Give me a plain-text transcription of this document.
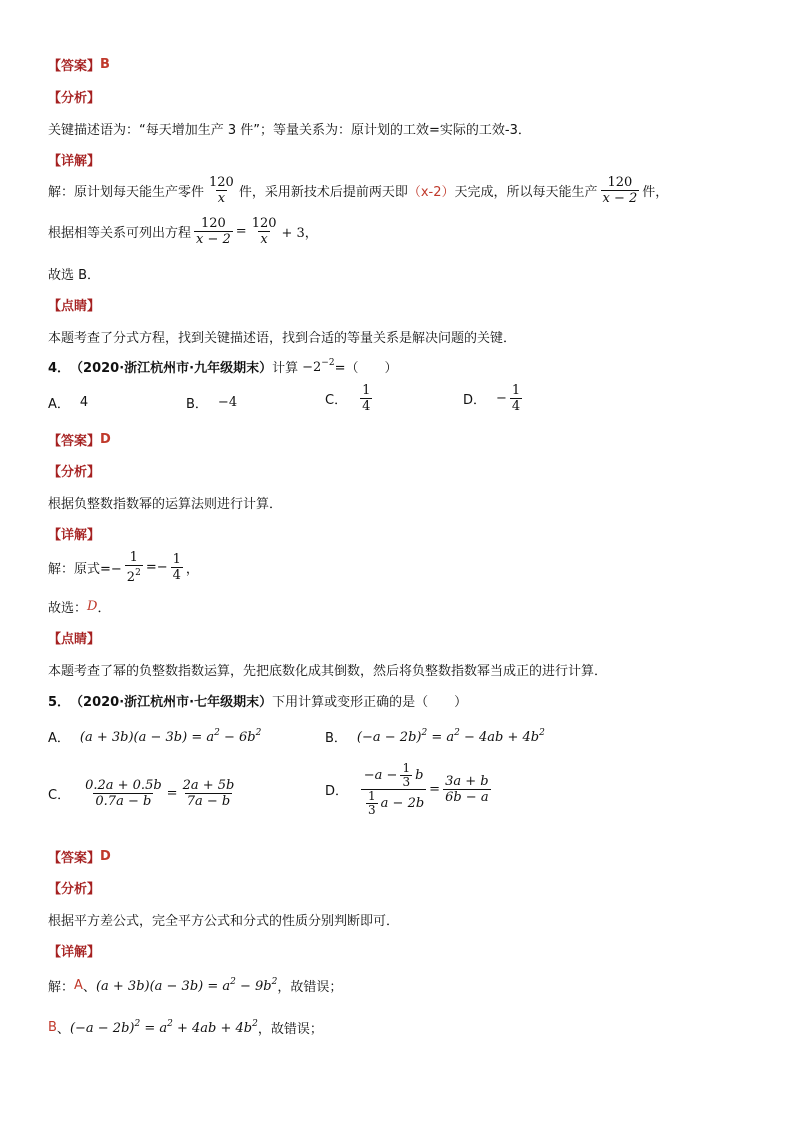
【答案】 B
【分析】
关键描述语为：“每天增加生产 3 件”；等量关系为：原计划的工效=实际的工效-3．
【详解】
解：原计划每天能生产零件 $\frac{120}{x}$ 件，采用新技术后提前两天即 （x-2） 天完成，所以每天能生产 $\frac{120}{x - 2}$ 件，
根据相等关系可列出方程 $\frac{120}{x - 2} = \frac{120}{x} + 3$，
故选 B．
【点睛】
本题考查了分式方程，找到关键描述语，找到合适的等量关系是解决问题的关键．
4． （2020·浙江杭州市·九年级期末） 计算 $-2^{-2}$ =（　　）
A． 4	B． −4	C． $\frac{1}{4}$	D． − $\frac{1}{4}$
【答案】 D
【分析】
根据负整数指数幂的运算法则进行计算．
【详解】
解：原式=− $\frac{1}{2^2} =- \frac{1}{4}$ ，
故选： D ．
【点睛】
本题考查了幂的负整数指数运算，先把底数化成其倒数，然后将负整数指数幂当成正的进行计算．
5． （2020·浙江杭州市·七年级期末） 下用计算或变形正确的是（　　）
A． $(a + 3b)(a - 3b) = a^2 - 6b^2$	B． $(-a - 2b)^2 = a^2 - 4ab + 4b^2$
C． $\frac{0.2a + 0.5b}{0.7a - b} = \frac{2a + 5b}{7a - b}$	D． $\frac{-a - \frac{1}{3} b}{\frac{1}{3} a - 2b} = \frac{3a + b}{6b - a}$
【答案】 D
【分析】
根据平方差公式，完全平方公式和分式的性质分别判断即可．
【详解】
解： A 、 $(a + 3b)(a - 3b) = a^2 - 9b^2$ ，故错误；
B 、 $(-a - 2b)^2 = a^2 + 4ab + 4b^2$ ，故错误；
